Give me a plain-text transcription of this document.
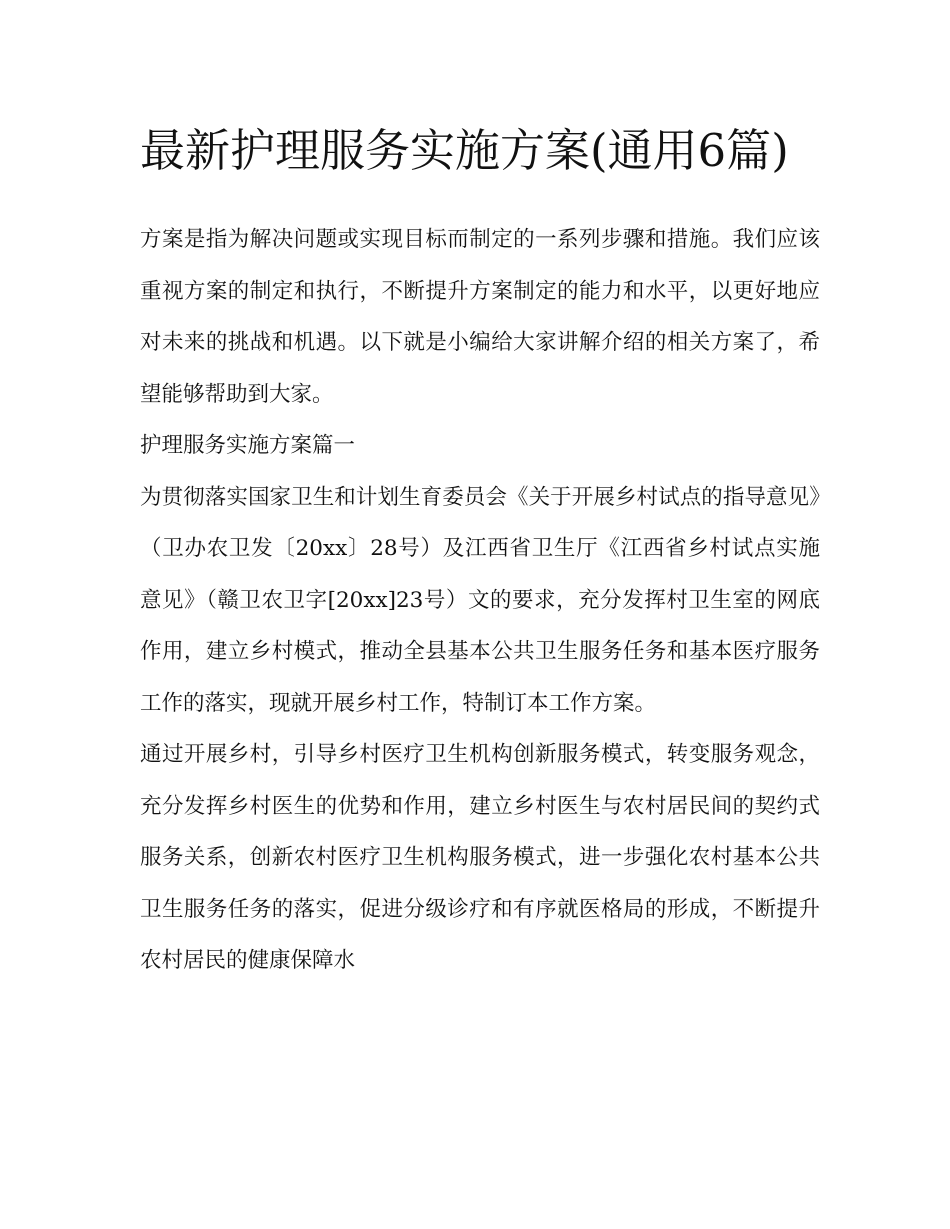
最新护理服务实施方案(通用6篇)

方案是指为解决问题或实现目标而制定的一系列步骤和措施。我们应该重视方案的制定和执行，不断提升方案制定的能力和水平，以更好地应对未来的挑战和机遇。以下就是小编给大家讲解介绍的相关方案了，希望能够帮助到大家。

护理服务实施方案篇一

为贯彻落实国家卫生和计划生育委员会《关于开展乡村试点的指导意见》（卫办农卫发〔20xx〕28号）及江西省卫生厅《江西省乡村试点实施意见》（赣卫农卫字[20xx]23号）文的要求，充分发挥村卫生室的网底作用，建立乡村模式，推动全县基本公共卫生服务任务和基本医疗服务工作的落实，现就开展乡村工作，特制订本工作方案。

通过开展乡村，引导乡村医疗卫生机构创新服务模式，转变服务观念，充分发挥乡村医生的优势和作用，建立乡村医生与农村居民间的契约式服务关系，创新农村医疗卫生机构服务模式，进一步强化农村基本公共卫生服务任务的落实，促进分级诊疗和有序就医格局的形成，不断提升农村居民的健康保障水
